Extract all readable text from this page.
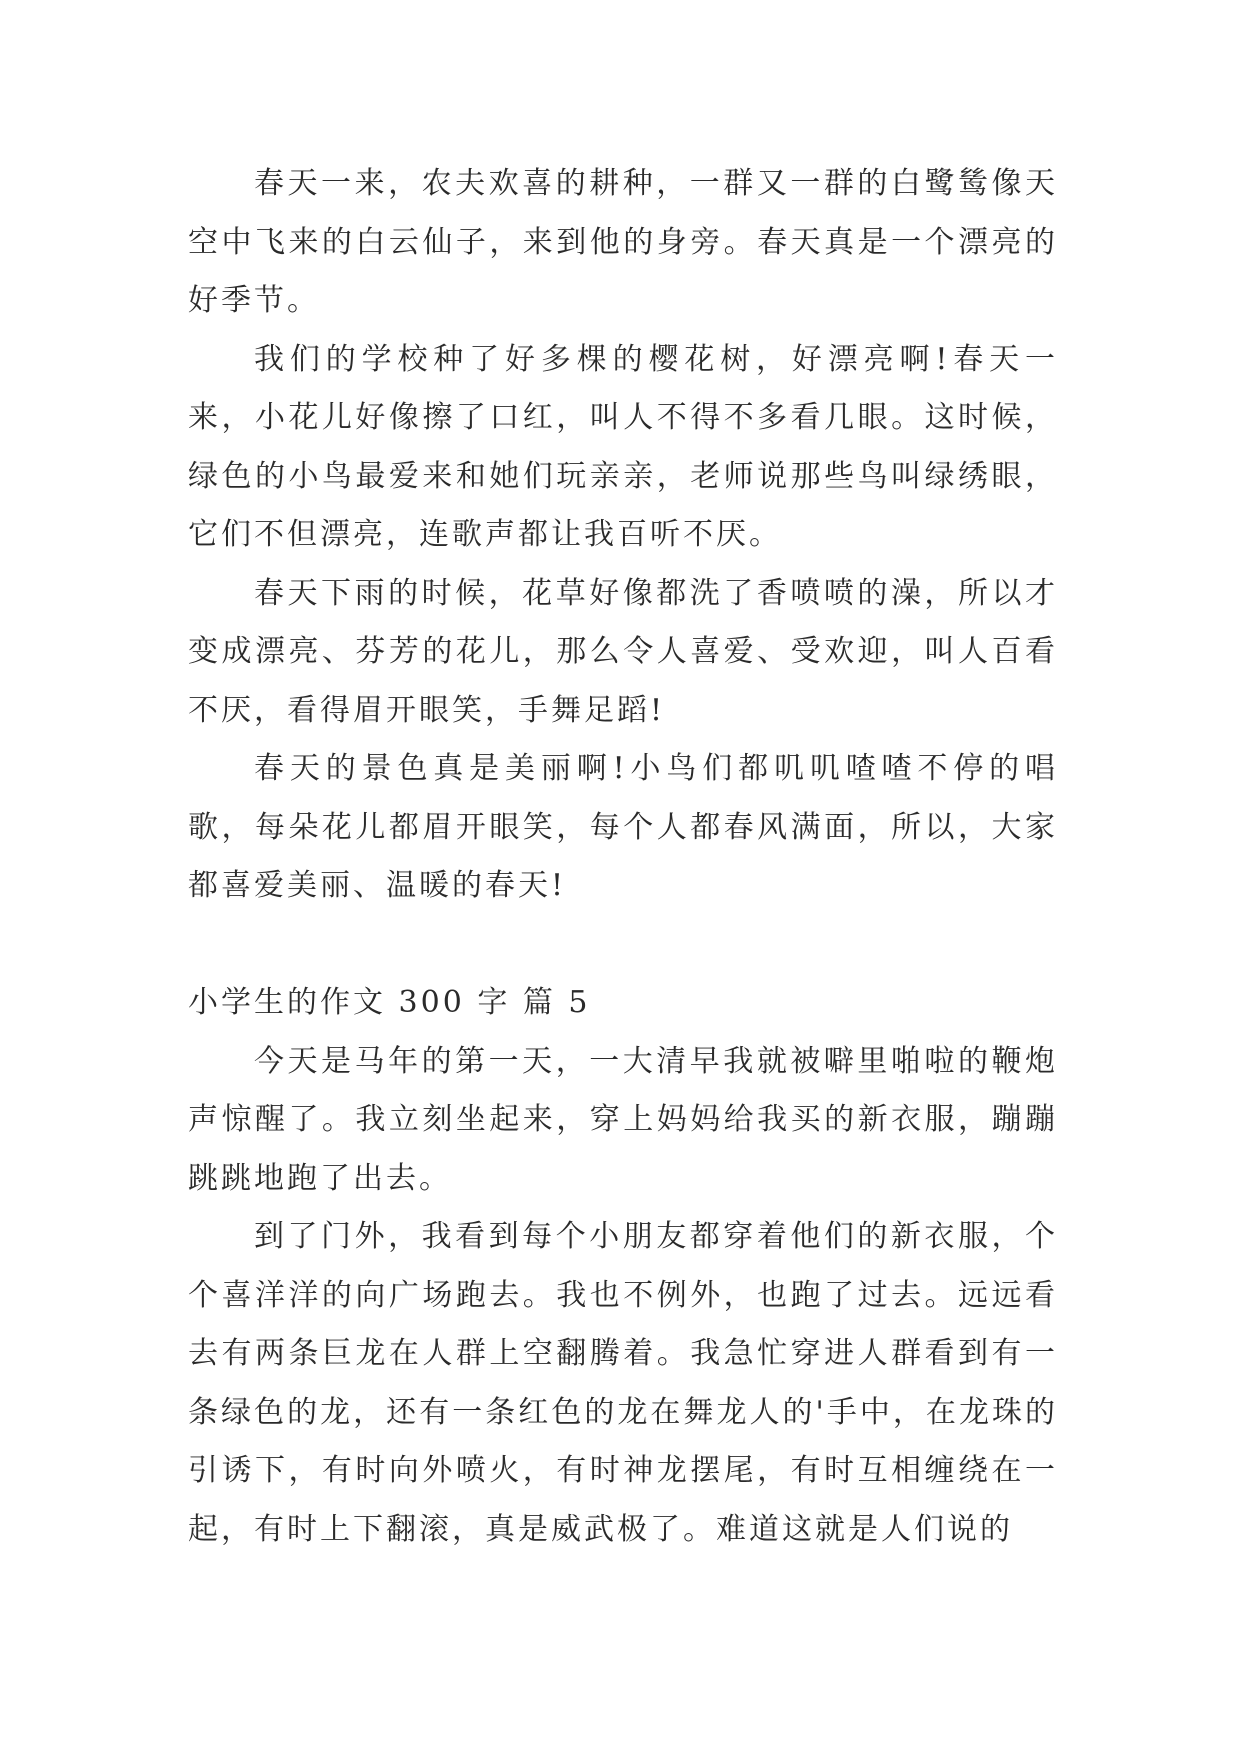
春天一来，农夫欢喜的耕种，一群又一群的白鹭鸶像天空中飞来的白云仙子，来到他的身旁。春天真是一个漂亮的好季节。

我们的学校种了好多棵的樱花树，好漂亮啊!春天一来，小花儿好像擦了口红，叫人不得不多看几眼。这时候，绿色的小鸟最爱来和她们玩亲亲，老师说那些鸟叫绿绣眼，它们不但漂亮，连歌声都让我百听不厌。

春天下雨的时候，花草好像都洗了香喷喷的澡，所以才变成漂亮、芬芳的花儿，那么令人喜爱、受欢迎，叫人百看不厌，看得眉开眼笑，手舞足蹈!

春天的景色真是美丽啊!小鸟们都叽叽喳喳不停的唱歌，每朵花儿都眉开眼笑，每个人都春风满面，所以，大家都喜爱美丽、温暖的春天!

小学生的作文 300 字 篇 5

今天是马年的第一天，一大清早我就被噼里啪啦的鞭炮声惊醒了。我立刻坐起来，穿上妈妈给我买的新衣服，蹦蹦跳跳地跑了出去。

到了门外，我看到每个小朋友都穿着他们的新衣服，个个喜洋洋的向广场跑去。我也不例外，也跑了过去。远远看去有两条巨龙在人群上空翻腾着。我急忙穿进人群看到有一条绿色的龙，还有一条红色的龙在舞龙人的'手中，在龙珠的引诱下，有时向外喷火，有时神龙摆尾，有时互相缠绕在一起，有时上下翻滚，真是威武极了。难道这就是人们说的
